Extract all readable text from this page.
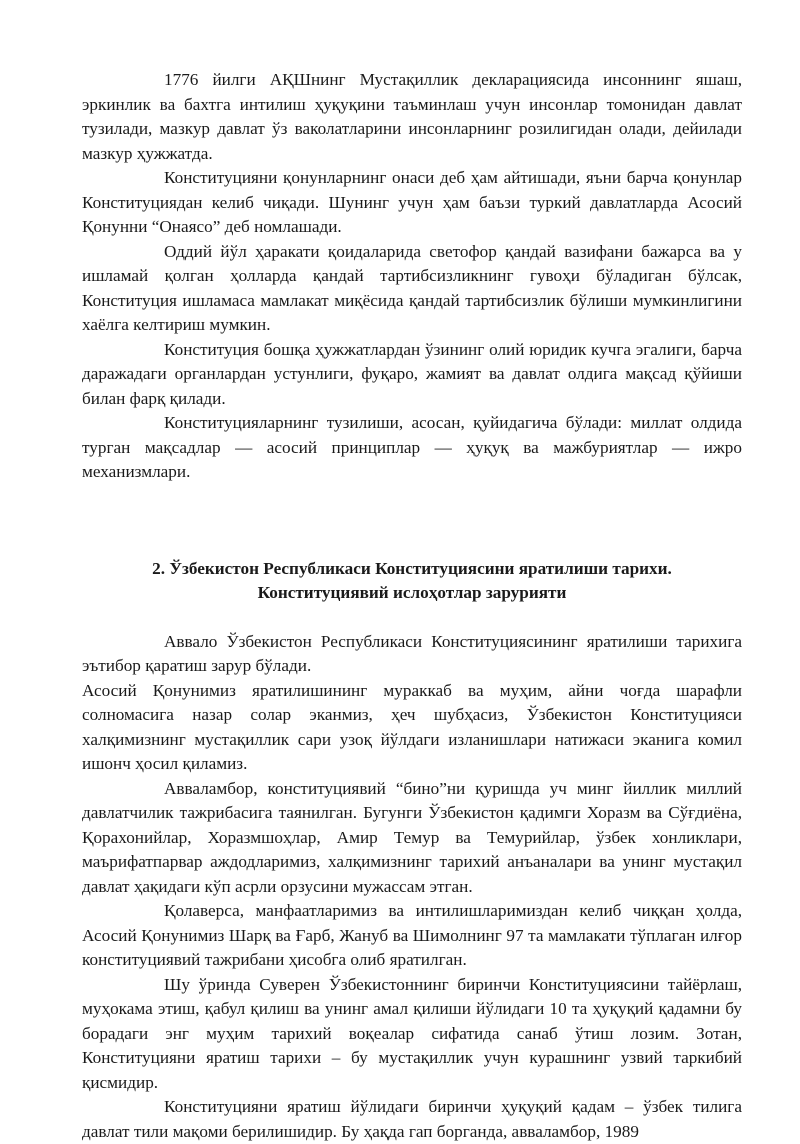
1776 йилги АҚШнинг Мустақиллик декларациясида инсоннинг яшаш, эркинлик ва бахтга интилиш ҳуқуқини таъминлаш учун инсонлар томонидан давлат тузилади, мазкур давлат ўз ваколатларини инсонларнинг розилигидан олади, дейилади мазкур ҳужжатда.

Конституцияни қонунларнинг онаси деб ҳам айтишади, яъни барча қонунлар Конституциядан келиб чиқади. Шунинг учун ҳам баъзи туркий давлатларда Асосий Қонунни “Онаясо” деб номлашади.

Оддий йўл ҳаракати қоидаларида светофор қандай вазифани бажарса ва у ишламай қолган ҳолларда қандай тартибсизликнинг гувоҳи бўладиган бўлсак, Конституция ишламаса мамлакат миқёсида қандай тартибсизлик бўлиши мумкинлигини хаёлга келтириш мумкин.

Конституция бошқа ҳужжатлардан ўзининг олий юридик кучга эгалиги, барча даражадаги органлардан устунлиги, фуқаро, жамият ва давлат олдига мақсад қўйиши билан фарқ қилади.

Конституцияларнинг тузилиши, асосан, қуйидагича бўлади: миллат олдида турган мақсадлар — асосий принциплар — ҳуқуқ ва мажбуриятлар — ижро механизмлари.

2. Ўзбекистон Республикаси Конституциясини яратилиши тарихи.

Конституциявий ислоҳотлар зарурияти

Аввало Ўзбекистон Республикаси Конституциясининг яратилиши тарихига эътибор қаратиш зарур бўлади.

Асосий Қонунимиз яратилишининг мураккаб ва муҳим, айни чоғда шарафли солномасига назар солар эканмиз, ҳеч шубҳасиз, Ўзбекистон Конституцияси халқимизнинг мустақиллик сари узоқ йўлдаги изланишлари натижаси эканига комил ишонч ҳосил қиламиз.

Авваламбор, конституциявий “бино”ни қуришда уч минг йиллик миллий давлатчилик тажрибасига таянилган. Бугунги Ўзбекистон қадимги Хоразм ва Сўғдиёна, Қорахонийлар, Хоразмшоҳлар, Амир Темур ва Темурийлар, ўзбек хонликлари, маърифатпарвар аждодларимиз, халқимизнинг тарихий анъаналари ва унинг мустақил давлат ҳақидаги кўп асрли орзусини мужассам этган.

Қолаверса, манфаатларимиз ва интилишларимиздан келиб чиққан ҳолда, Асосий Қонунимиз Шарқ ва Ғарб, Жануб ва Шимолнинг 97 та мамлакати тўплаган илғор конституциявий тажрибани ҳисобга олиб яратилган.

Шу ўринда Суверен Ўзбекистоннинг биринчи Конституциясини тайёрлаш, муҳокама этиш, қабул қилиш ва унинг амал қилиши йўлидаги 10 та ҳуқуқий қадамни бу борадаги энг муҳим тарихий воқеалар сифатида санаб ўтиш лозим. Зотан, Конституцияни яратиш тарихи – бу мустақиллик учун курашнинг узвий таркибий қисмидир.

Конституцияни яратиш йўлидаги биринчи ҳуқуқий қадам – ўзбек тилига давлат тили мақоми берилишидир. Бу ҳақда гап борганда, авваламбор, 1989
